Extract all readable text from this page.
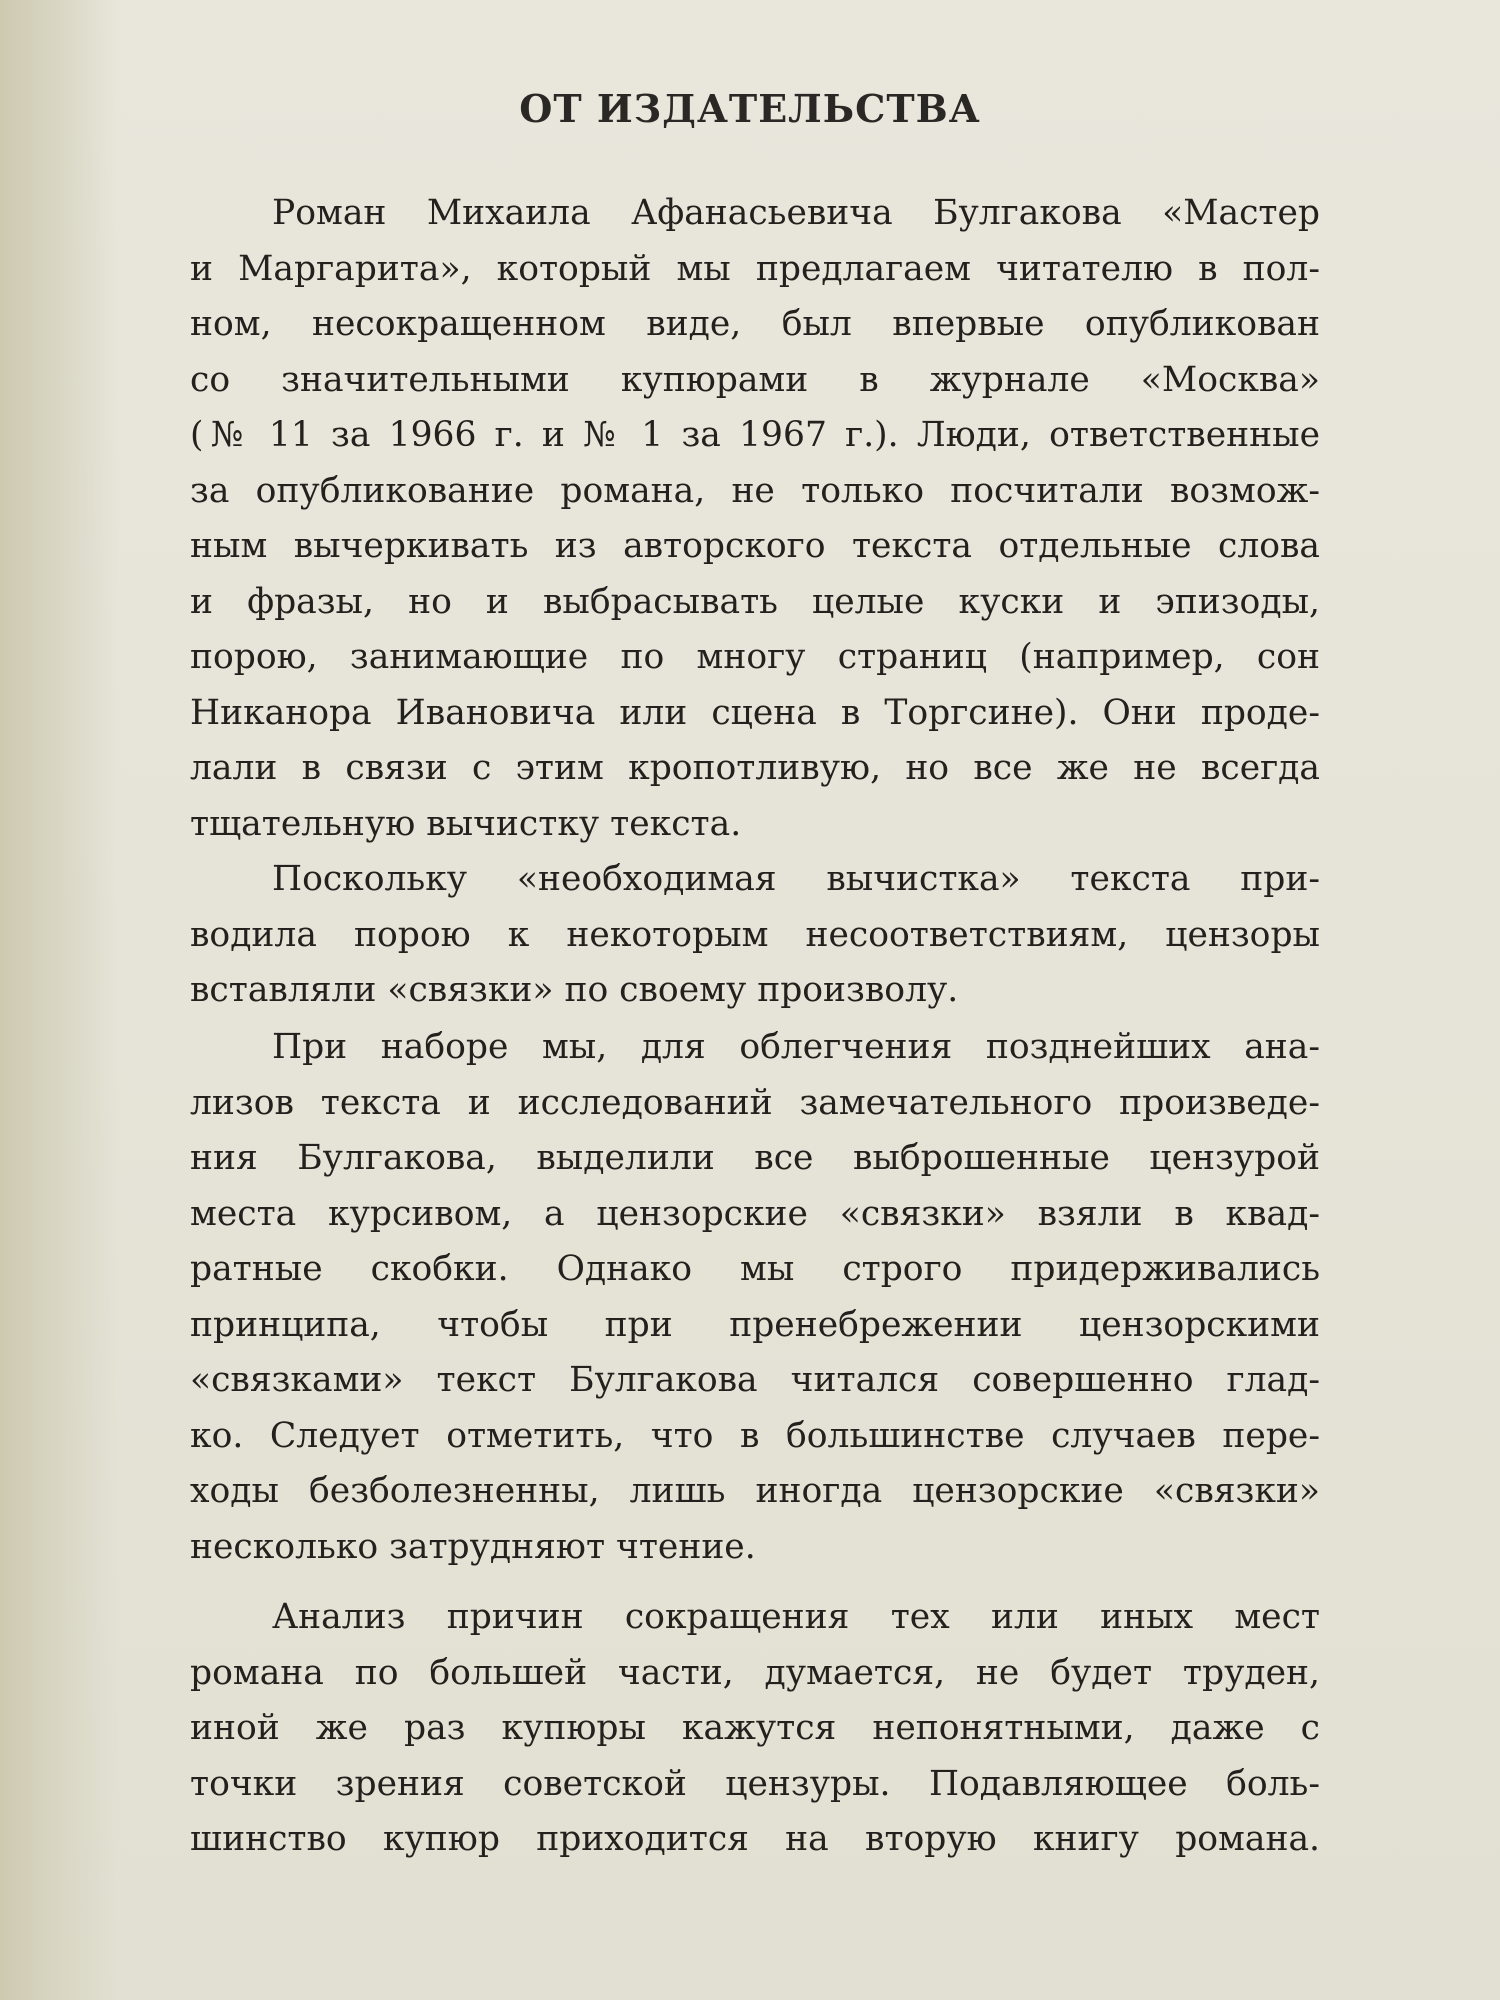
ОТ ИЗДАТЕЛЬСТВА
Роман Михаила Афанасьевича Булгакова «Мастер
и Маргарита», который мы предлагаем читателю в пол-
ном, несокращенном виде, был впервые опубликован
со значительными купюрами в журнале «Москва»
(№ 11 за 1966 г. и № 1 за 1967 г.). Люди, ответственные
за опубликование романа, не только посчитали возмож-
ным вычеркивать из авторского текста отдельные слова
и фразы, но и выбрасывать целые куски и эпизоды,
порою, занимающие по многу страниц (например, сон
Никанора Ивановича или сцена в Торгсине). Они проде-
лали в связи с этим кропотливую, но все же не всегда
тщательную вычистку текста.
Поскольку «необходимая вычистка» текста при-
водила порою к некоторым несоответствиям, цензоры
вставляли «связки» по своему произволу.
При наборе мы, для облегчения позднейших ана-
лизов текста и исследований замечательного произведе-
ния Булгакова, выделили все выброшенные цензурой
места курсивом, а цензорские «связки» взяли в квад-
ратные скобки. Однако мы строго придерживались
принципа, чтобы при пренебрежении цензорскими
«связками» текст Булгакова читался совершенно глад-
ко. Следует отметить, что в большинстве случаев пере-
ходы безболезненны, лишь иногда цензорские «связки»
несколько затрудняют чтение.
Анализ причин сокращения тех или иных мест
романа по большей части, думается, не будет труден,
иной же раз купюры кажутся непонятными, даже с
точки зрения советской цензуры. Подавляющее боль-
шинство купюр приходится на вторую книгу романа.
